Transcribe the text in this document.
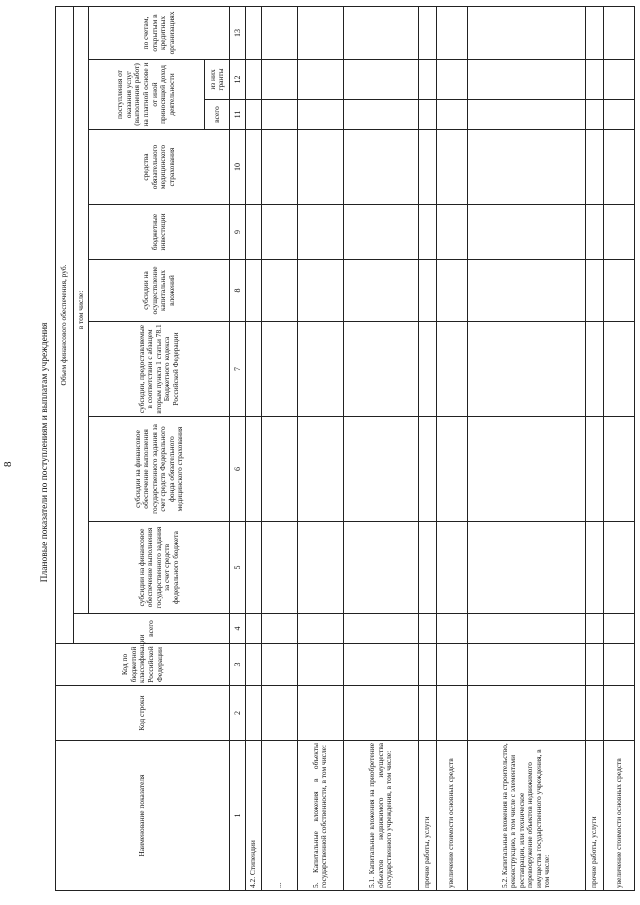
8	Плановые показатели по поступлениям и выплатам учреждения
Наименование показателя	Код строки	Код по бюджетной классификации Российской Федерации	Объем финансового обеспечения, руб.									
			всего	в том числе:								
				субсидии на финансовое обеспечение выполнения государственного задания за счет средств федерального бюджета	субсидии на финансовое обеспечение выполнения государственного задания за счет средств Федерального фонда обязательного медицинского страхования	субсидии, предоставляемые в соответствии с абзацем вторым пункта 1 статьи 78.1 Бюджетного кодекса Российской Федерации	субсидии на осуществление капитальных вложений	бюджетные инвестиции	средства обязательного медицинского страхования	поступления от оказания услуг (выполнения работ) на платной основе и от иной приносящей доход деятельности		по счетам, открытым в кредитных организациях
										всего	из них гранты	
1	2	3	4	5	6	7	8	9	10	11	12	13
4.2. Стипендии												
...												
5. Капитальные вложения в объекты государственной собственности, в том числе:												
5.1. Капитальные вложения на приобретение объектов недвижимого имущества государственного учреждения, в том числе:												
прочие работы, услуги												
увеличение стоимости основных средств												
5.2. Капитальные вложения на строительство, реконструкцию, в том числе с элементами реставрации, или техническое перевооружение объектов недвижимого имущества государственного учреждения, в том числе:												
прочие работы, услуги												
увеличение стоимости основных средств												
